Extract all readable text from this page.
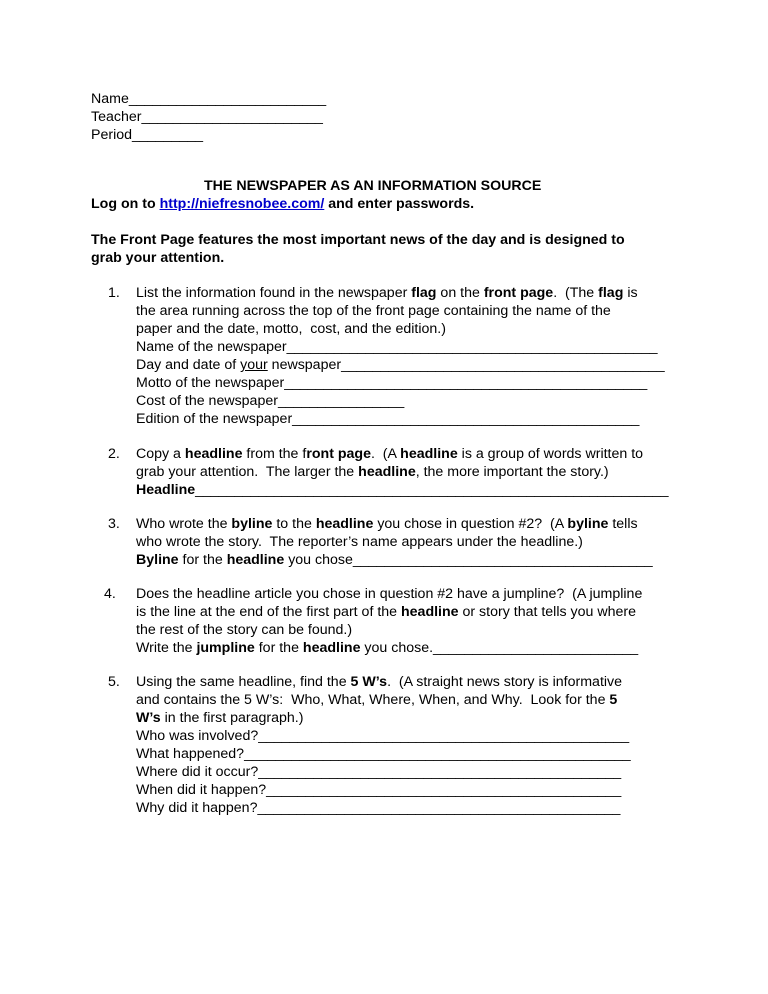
Name_________________________
Teacher_______________________
Period_________
THE NEWSPAPER AS AN INFORMATION SOURCE
Log on to http://niefresnobee.com/ and enter passwords.
The Front Page features the most important news of the day and is designed to
grab your attention.
1. List the information found in the newspaper flag on the front page.  (The flag is
the area running across the top of the front page containing the name of the
paper and the date, motto,  cost, and the edition.)
Name of the newspaper_______________________________________________
Day and date of your newspaper_________________________________________
Motto of the newspaper______________________________________________
Cost of the newspaper________________
Edition of the newspaper____________________________________________
2. Copy a headline from the front page.  (A headline is a group of words written to
grab your attention.  The larger the headline, the more important the story.)
Headline____________________________________________________________
3. Who wrote the byline to the headline you chose in question #2?  (A byline tells
who wrote the story.  The reporter’s name appears under the headline.)
Byline for the headline you chose______________________________________
4. Does the headline article you chose in question #2 have a jumpline?  (A jumpline
is the line at the end of the first part of the headline or story that tells you where
the rest of the story can be found.)
Write the jumpline for the headline you chose.__________________________
5. Using the same headline, find the 5 W’s.  (A straight news story is informative
and contains the 5 W’s:  Who, What, Where, When, and Why.  Look for the 5
W’s in the first paragraph.)
Who was involved?_______________________________________________
What happened?_________________________________________________
Where did it occur?______________________________________________
When did it happen?_____________________________________________
Why did it happen?______________________________________________
